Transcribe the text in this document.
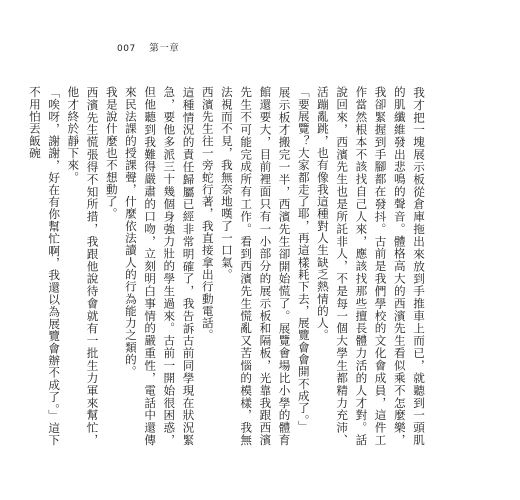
007 第一章

我才把一塊展示板從倉庫拖出來放到手推車上而已，就聽到一頭肌的肌纖維發出悲鳴的聲音。體格高大的西濱先生看似乘不怎麼樂，我卻緊握到手腳都在發抖。古前是我們學校的文化會成員，這件工作當然根本不該找自己人來，應該找那些擅長體力活的人才對。話說回來，西濱先生也是所託非人，不是每一個大學生都精力充沛、活蹦亂跳，也有像我這種對人生缺乏熱情的人。

「要展覽？大家都走了耶，再這樣耗下去，展覽會會開不成了。」

展示板才搬完一半，西濱先生卻開始慌了。展覽會場比小學的體育館還要大，目前裡面只有一小部分的展示板和隔板，光靠我跟西濱先生不可能完成所有工作。看到西濱先生慌亂又苦惱的模樣，我無法視而不見，我無奈地嘆了一口氣。

西濱先生往一旁蛇行著，我直接拿出行動電話。

這種情況的責任歸屬已經非常明確了，我告訴古前同學現在狀況緊急，要他多派三十幾個身強力壯的學生過來。古前一開始很困惑，但他聽到我難得嚴肅的口吻，立刻明白事情的嚴重性，電話中還傳來民法課的授課聲，什麼依法讀人的行為能力之類的。

我是說什麼也不想動了。

西濱先生慌張得不知所措，我跟他說待會就有一批生力軍來幫忙，他才終於靜下來。

「唉呀，謝謝，好在有你幫忙啊，我還以為展覽會辦不成了。」這下不用怕丟飯碗
